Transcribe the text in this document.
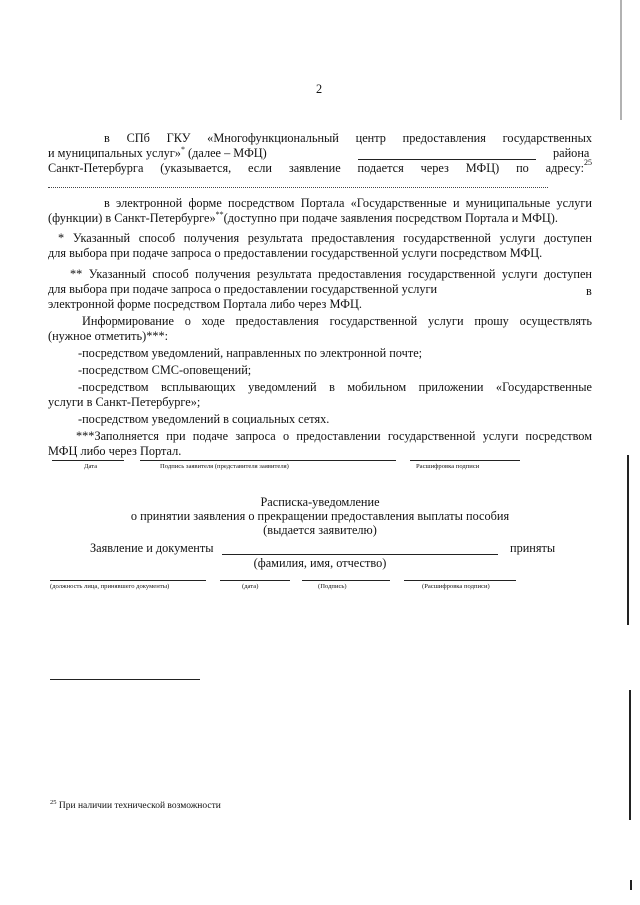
2
в СПб ГКУ «Многофункциональный центр предоставления государственных
и муниципальных услуг»* (далее – МФЦ)	района
Санкт-Петербурга (указывается, если заявление подается через МФЦ) по адресу: 25
в электронной форме посредством Портала «Государственные и муниципальные услуги
(функции) в Санкт-Петербурге»**(доступно при подаче заявления посредством Портала и МФЦ).
* Указанный способ получения результата предоставления государственной услуги доступен
для выбора при подаче запроса о предоставлении государственной услуги посредством МФЦ.
** Указанный способ получения результата предоставления государственной услуги доступен
для выбора при подаче запроса о предоставлении государственной услуги	в
электронной форме посредством Портала либо через МФЦ.
Информирование о ходе предоставления государственной услуги прошу осуществлять
(нужное отметить)***:
-посредством уведомлений, направленных по электронной почте;
-посредством СМС-оповещений;
-посредством всплывающих уведомлений в мобильном приложении «Государственные
услуги в Санкт-Петербурге»;
-посредством уведомлений в социальных сетях.
***Заполняется при подаче запроса о предоставлении государственной услуги посредством
МФЦ либо через Портал.
Дата	Подпись заявителя (представителя заявителя)	Расшифровка подписи
Расписка-уведомление
о принятии заявления о прекращении предоставления выплаты пособия
(выдается заявителю)
Заявление и документы	приняты
(фамилия, имя, отчество)
(должность лица, принявшего документы)	(дата)	(Подпись)	(Расшифровка подписи)
$^{25}$ При наличии технической возможности
